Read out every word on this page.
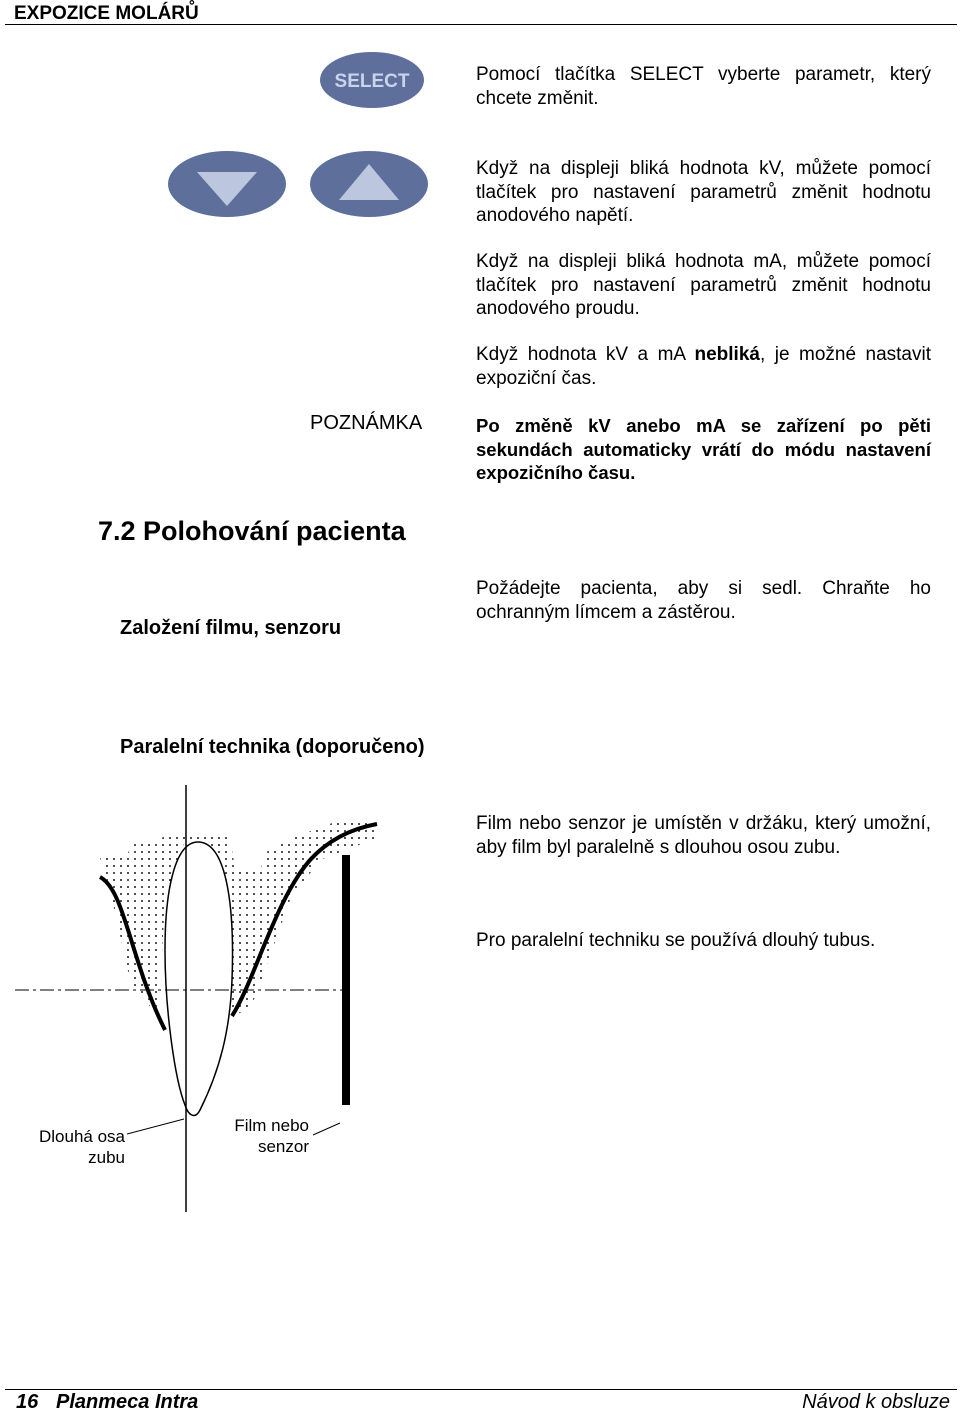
EXPOZICE MOLÁRŮ
SELECT	Pomocí tlačítka SELECT vyberte parametr, který chcete změnit.
Když na displeji bliká hodnota kV, můžete pomocí tlačítek pro nastavení parametrů změnit hodnotu anodového napětí.
Když na displeji bliká hodnota mA, můžete pomocí tlačítek pro nastavení parametrů změnit hodnotu anodového proudu.
Když hodnota kV a mA nebliká, je možné nastavit expoziční čas.
POZNÁMKA	Po změně kV anebo mA se zařízení po pěti sekundách automaticky vrátí do módu nastavení expozičního času.
7.2 Polohování pacienta
Založení filmu, senzoru
Požádejte pacienta, aby si sedl. Chraňte ho ochranným límcem a zástěrou.
Paralelní technika (doporučeno)
Film nebo senzor je umístěn v držáku, který umožní, aby film byl paralelně s dlouhou osou zubu.
Pro paralelní techniku se používá dlouhý tubus.
Dlouhá osa
zubu
Film nebo
senzor
16 Planmeca Intra	Návod k obsluze
